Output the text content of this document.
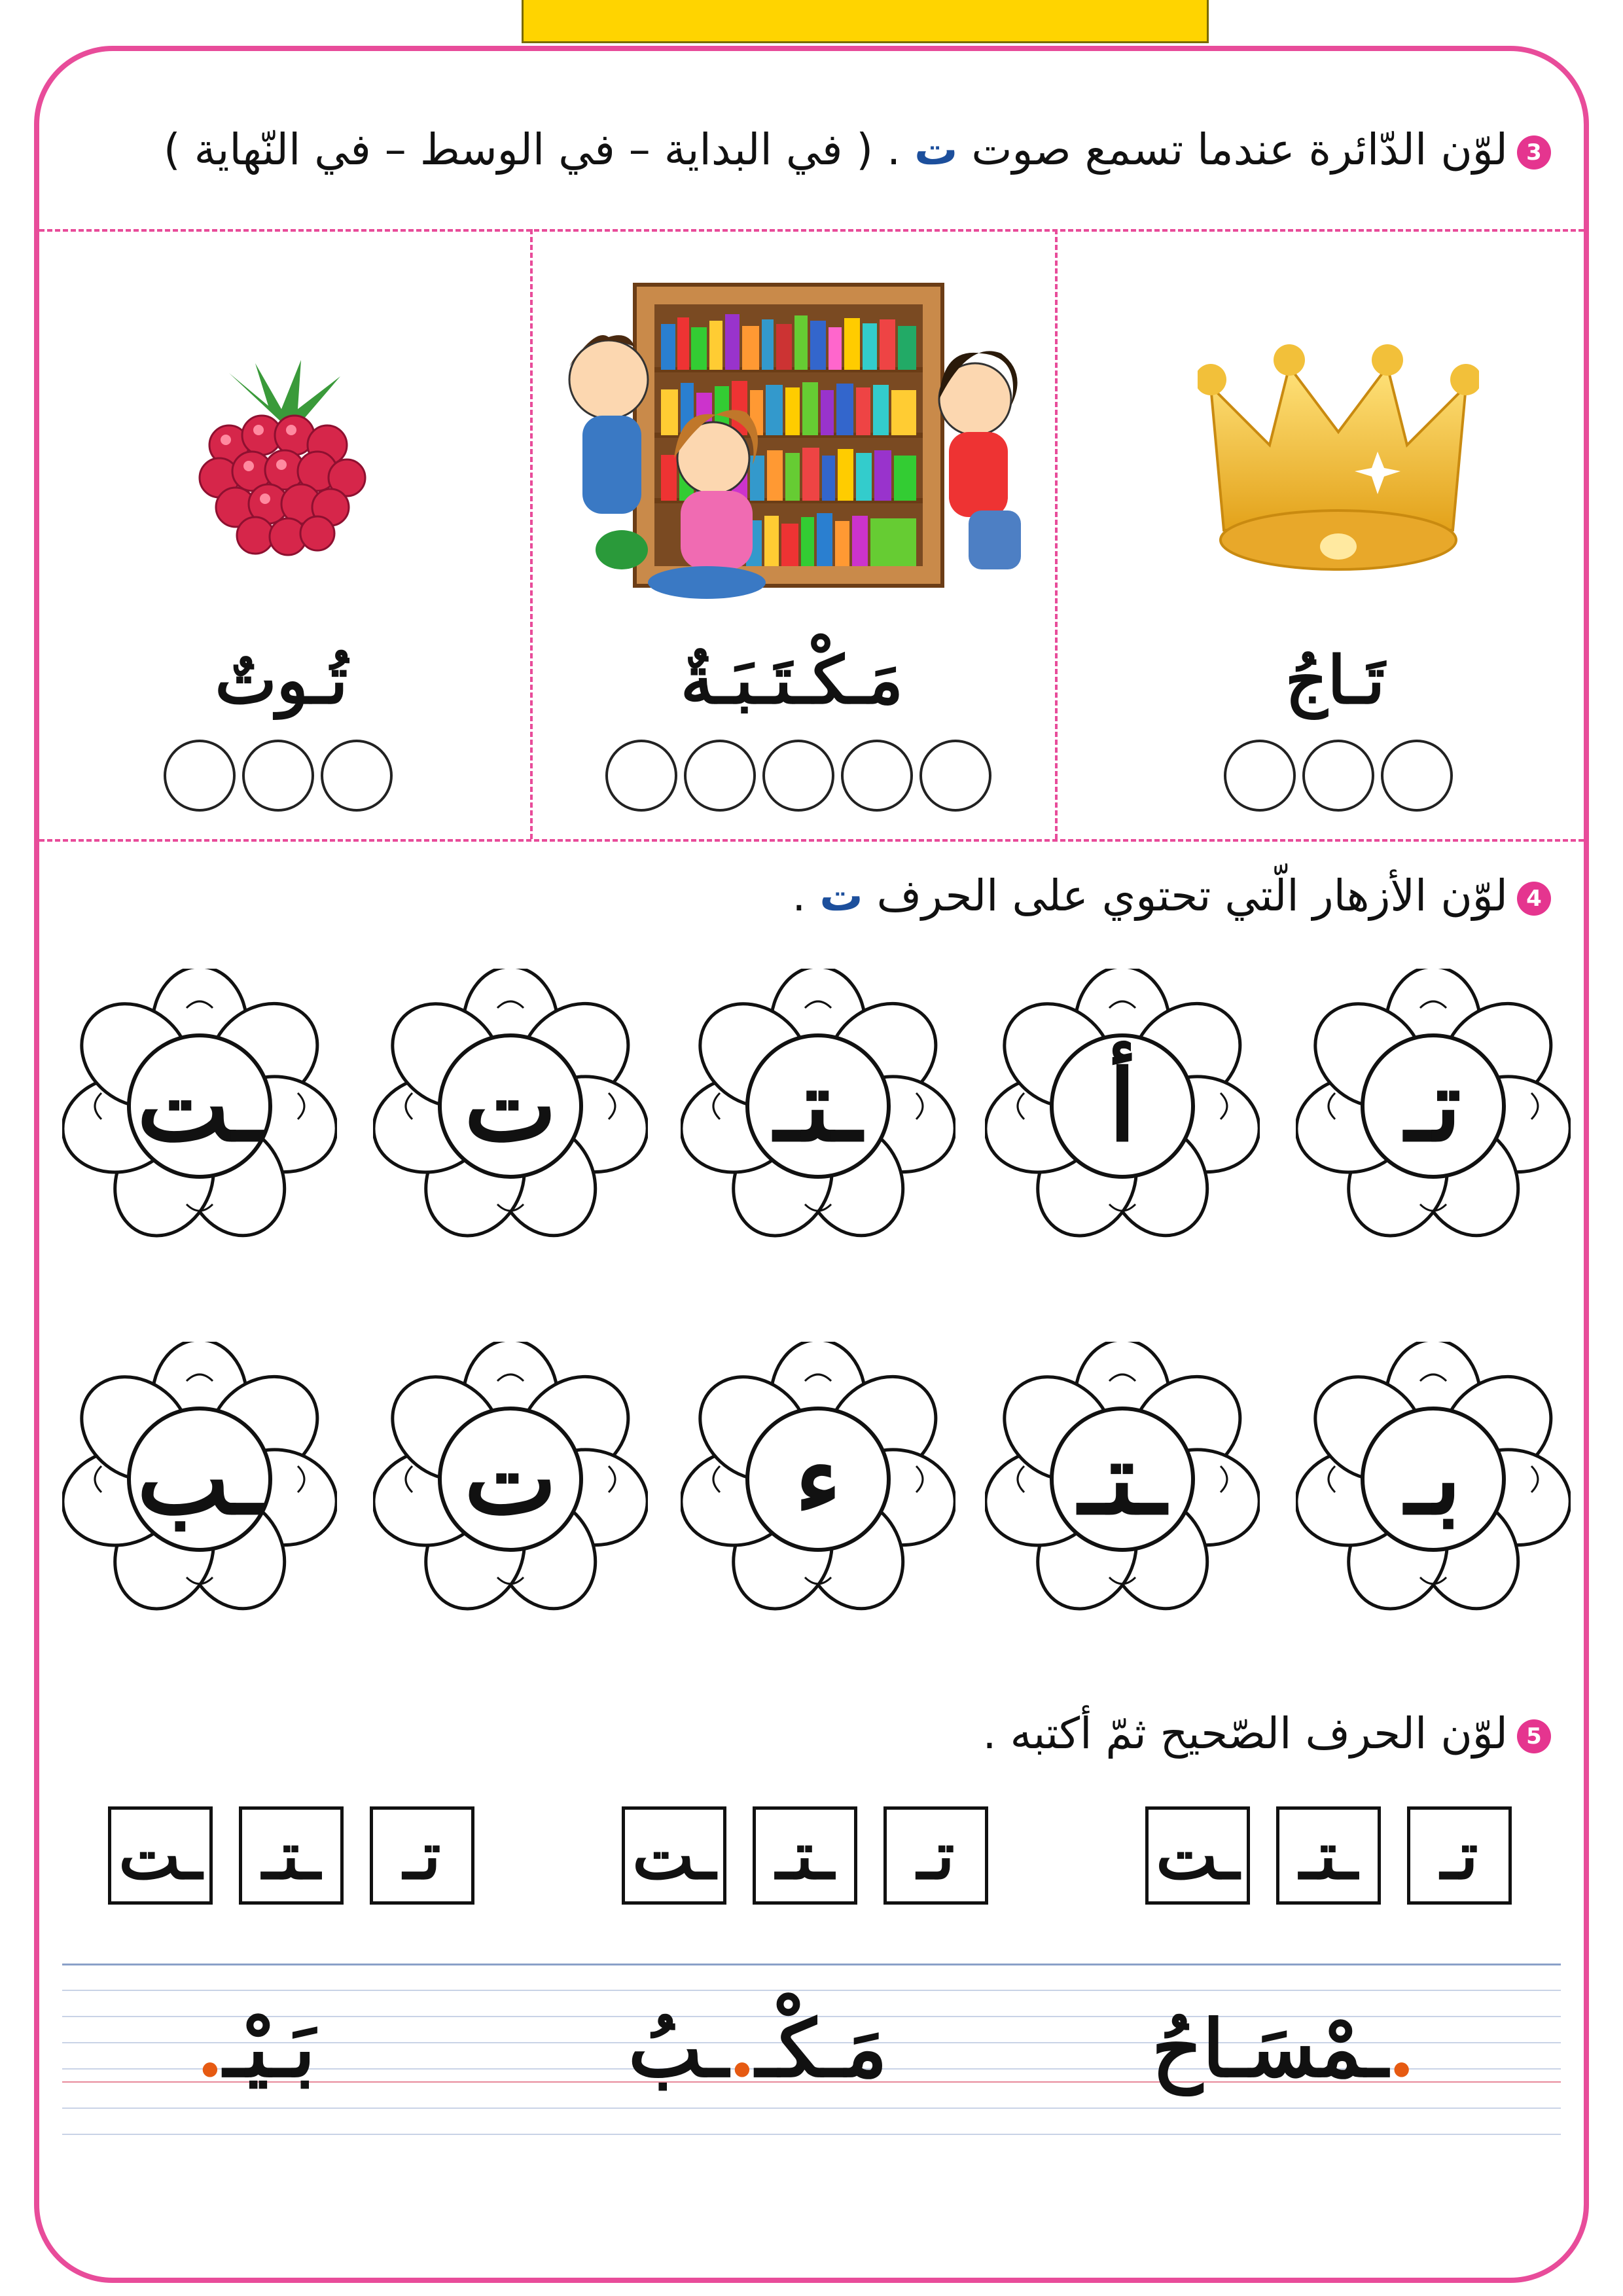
3لوّن الدّائرة عندما تسمع صوت ت . ( في البداية – في الوسط – في النّهاية )
تَـاجُ
مَـكْـتَـبَـةٌ
تُـوتٌ
4لوّن الأزهار الّتي تحتوي على الحرف ت .
تـ
أ
ـتـ
ت
ـت
بـ
ـتـ
ء
ت
ـب
5لوّن الحرف الصّحيح ثمّ أكتبه .
تـ
ـتـ
ـت
تـ
ـتـ
ـت
تـ
ـتـ
ـت
.ـمْسَـاحُ
مَـكْـ.ـبُ
بَـيْـ.
